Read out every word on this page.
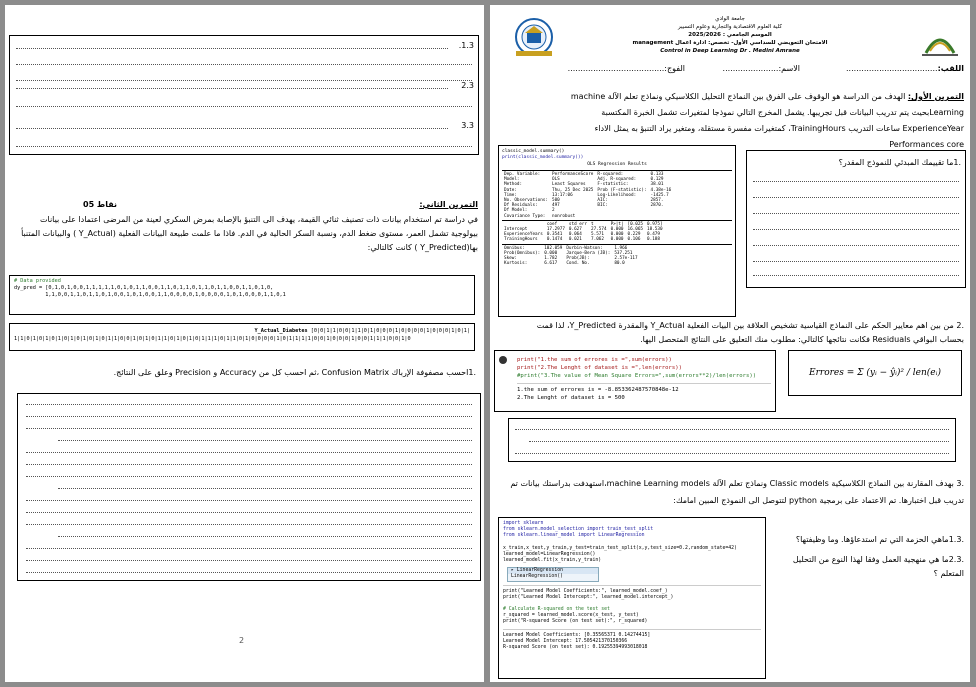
.1.3
2.3
3.3
التمرين الثاني:
05 نقاط
في دراسة تم استخدام بيانات ذات تصنيف ثنائي القيمة، يهدف الى التنبؤ بالإصابة بمرض السكري لعينة من المرضى اعتمادا على بيانات بيولوجية تشمل العمر، مستوى ضغط الدم، ونسبة السكر الحالية في الدم. فاذا ما علمت طبيعة البيانات الفعلية (Y_Actual ) والبيانات المتنبأ بها(Y_Predicted ) كانت كالتالي:
# Data provided
dy_pred = [0,1,0,1,0,0,1,1,1,1,1,0,1,0,1,1,0,0,1,1,0,1,1,0,1,1,0,1,1,0,0,1,1,0,1,0,
1,1,0,0,1,1,0,1,1,0,1,0,0,1,0,1,0,0,1,1,0,0,0,0,1,0,0,0,0,1,0,1,0,0,0,1,1,0,1
Y_Actual_Diabetes [0|0|1|1|0|0|1|1|0|1|0|0|0|1|0|0|0|0|1|0|0|0|1|0|1|
1|1|0|1|0|1|0|1|0|1|0|1|0|1|0|1|1|0|0|1|0|1|0|1|1|0|1|0|1|0|1|1|1|0|1|1|0|1|0|0|0|0|1|0|1|1|1|1|0|0|1|0|0|0|1|0|0|1|1|1|0|0|1|0
.1احسب مصفوفة الإرباك Confusion Matrix ،ثم احسب كل من Accuracy و Precision وعلق على النتائج.
2
جامعة الوادي
كلية العلوم الاقتصادية والتجارية وعلوم التسيير
الموسم الجامعي : 2025/2026
الامتحان التعويضي للسداسي الأول- تخصص: ادارة اعمال management
Control in Deep Learning Dr . Medini Amrane
اللقب:....................................
الاسم:......................
الفوج:......................................
التمرين الأول: الهدف من الدراسة هو الوقوف على الفرق بين النماذج التحليل الكلاسيكي ونماذج تعلم الآلة machine Learningبحيث يتم تدريب البيانات قبل تجريبها. يشمل المخرج التالي نموذجا لمتغيرات تشمل الخبرة المكتسبة ExperienceYear ساعات التدريب TrainingHours، كمتغيرات مفسرة مستقلة، ومتغير يراد التنبؤ به يمثل الاداء Performances core
classic_model.summary()
print(classic_model.summary())
OLS Regression Results
Dep. Variable:	PerformanceScore	R-squared:	0.133
Model:	OLS	Adj. R-squared:	0.129
Method:	Least Squares	F-statistic:	38.01
Date:	Thu, 25 Dec 2025	Prob (F-statistic):	4.38e-16
Time:	13:17:06	Log-Likelihood:	-1425.7
No. Observations:	500	AIC:	2857.
Df Residuals:	497	BIC:	2870.
Df Model:	2		
Covariance Type:	nonrobust		
	coef	std err	t	P>|t|	[0.025	0.975]
Intercept	17.2977	0.627	27.574	0.000	16.065	18.530
ExperienceYears	0.3541	0.064	5.571	0.000	0.229	0.479
TrainingHours	0.1474	0.021	7.062	0.000	0.106	0.188
Omnibus:	102.059	Durbin-Watson:	1.966
Prob(Omnibus):	0.000	Jarque-Bera (JB):	537.251
Skew:	1.782	Prob(JB):	2.57e-117
Kurtosis:	6.617	Cond. No.	80.0
.1ما تقييمك المبدئي للنموذج المقدر؟
.2 من بين اهم معايير الحكم على النماذج القياسية تشخيص العلاقة بين البيات الفعلية Y_Actual والمقدرة Y_Predicted، لذا قمت بحساب البواقي Residuals فكانت نتائجها كالتالي: مطلوب منك التعليق على النتائج المتحصل اليها.
print("1.the sum of errores is =",sum(errors))
print("2.The Lenght of dataset is =",len(errors))
#print("3.The value of Mean Square Errors=",sum(errors**2)/len(errors))
1.the sum of errores is = -8.853362487570848e-12
2.The Lenght of dataset is = 500
Errores = Σ (yᵢ − ŷᵢ)² / len(eᵢ)
.3 بهدف المقارنة بين النماذج الكلاسيكية Classic models ونماذج تعلم الآلة machine Learning models،استهدفت بدراستك بيانات تم تدريب قبل اختبارها. تم الاعتماد على برمجية python لتتوصل الى النموذج المبين امامك:
import sklearn
from sklearn.model_selection import train_test_split
from sklearn.linear_model import LinearRegression
x_train,x_test,y_train,y_test=train_test_split(x,y,test_size=0.2,random_state=42)
learned_model=LinearRegression()
learned_model.fit(x_train,y_train)
▸ LinearRegression
LinearRegression()
print("Learned Model Coefficients:", learned_model.coef_)
print("Learned Model Intercept:", learned_model.intercept_)
# Calculate R-squared on the test set
r_squared = learned_model.score(x_test, y_test)
print("R-squared Score (on test set):", r_squared)
Learned Model Coefficients: [0.35565371 0.14274415]
Learned Model Intercept: 17.505421370150366
R-squared Score (on test set): 0.19255394993018018
.1.3ماهي الحزمة التي تم استدعاؤها. وما وظيفتها؟
.2.3ما هي منهجية العمل وفقا لهذا النوع من التحليل المتعلم ؟
